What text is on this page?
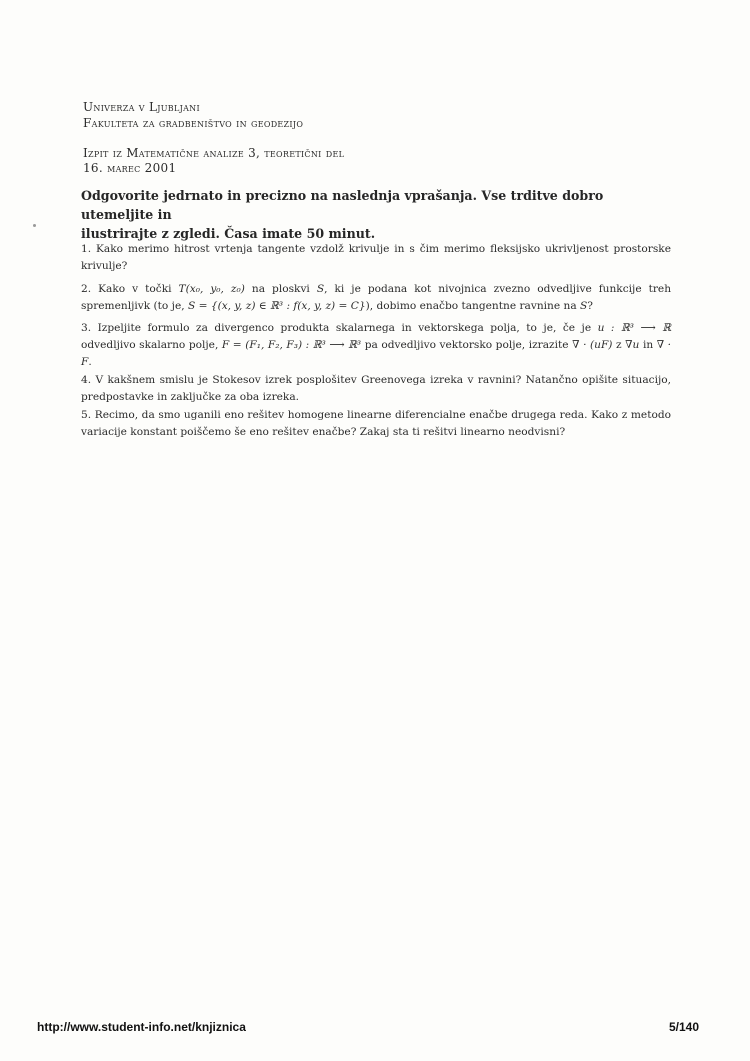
Univerza v Ljubljani
Fakulteta za gradbeništvo in geodezijo
Izpit iz Matematične analize 3, teoretični del
16. marec 2001
Odgovorite jedrnato in precizno na naslednja vprašanja. Vse trditve dobro utemeljite in
ilustrirajte z zgledi. Časa imate 50 minut.
1. Kako merimo hitrost vrtenja tangente vzdolž krivulje in s čim merimo fleksijsko ukrivljenost prostorske krivulje?
2. Kako v točki T(x₀, y₀, z₀) na ploskvi S, ki je podana kot nivojnica zvezno odvedljive funkcije treh spremenljivk (to je, S = {(x, y, z) ∈ ℝ³ : f(x, y, z) = C}), dobimo enačbo tangentne ravnine na S?
3. Izpeljite formulo za divergenco produkta skalarnega in vektorskega polja, to je, če je u : ℝ³ ⟶ ℝ odvedljivo skalarno polje, F = (F₁, F₂, F₃) : ℝ³ ⟶ ℝ³ pa odvedljivo vektorsko polje, izrazite ∇ · (uF) z ∇u in ∇ · F.
4. V kakšnem smislu je Stokesov izrek posplošitev Greenovega izreka v ravnini? Natančno opišite situacijo, predpostavke in zaključke za oba izreka.
5. Recimo, da smo uganili eno rešitev homogene linearne diferencialne enačbe drugega reda. Kako z metodo variacije konstant poiščemo še eno rešitev enačbe? Zakaj sta ti rešitvi linearno neodvisni?
http://www.student-info.net/knjiznica	5/140
